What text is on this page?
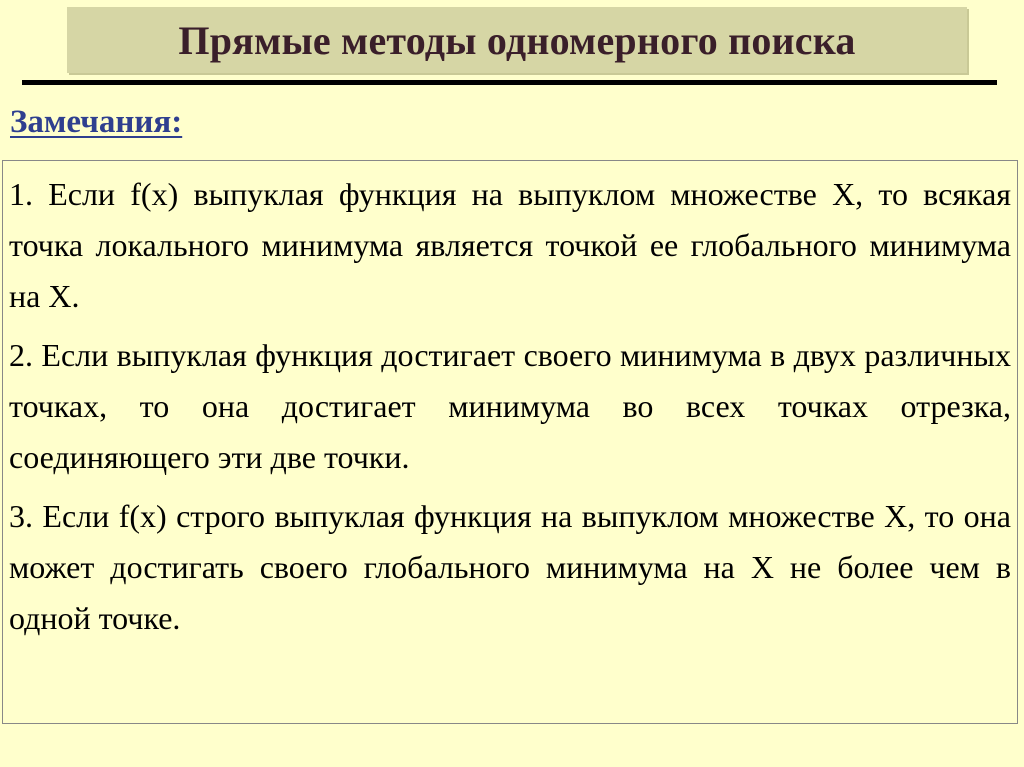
Прямые методы одномерного поиска
Замечания:

1. Если f(x) выпуклая функция на выпуклом множестве X, то всякая точка локального минимума является точкой ее глобального минимума на X.

2. Если выпуклая функция достигает своего минимума в двух различных точках, то она достигает минимума во всех точках отрезка, соединяющего эти две точки.

3. Если f(x) строго выпуклая функция на выпуклом множестве X, то она может достигать своего глобального минимума на X не более чем в одной точке.
